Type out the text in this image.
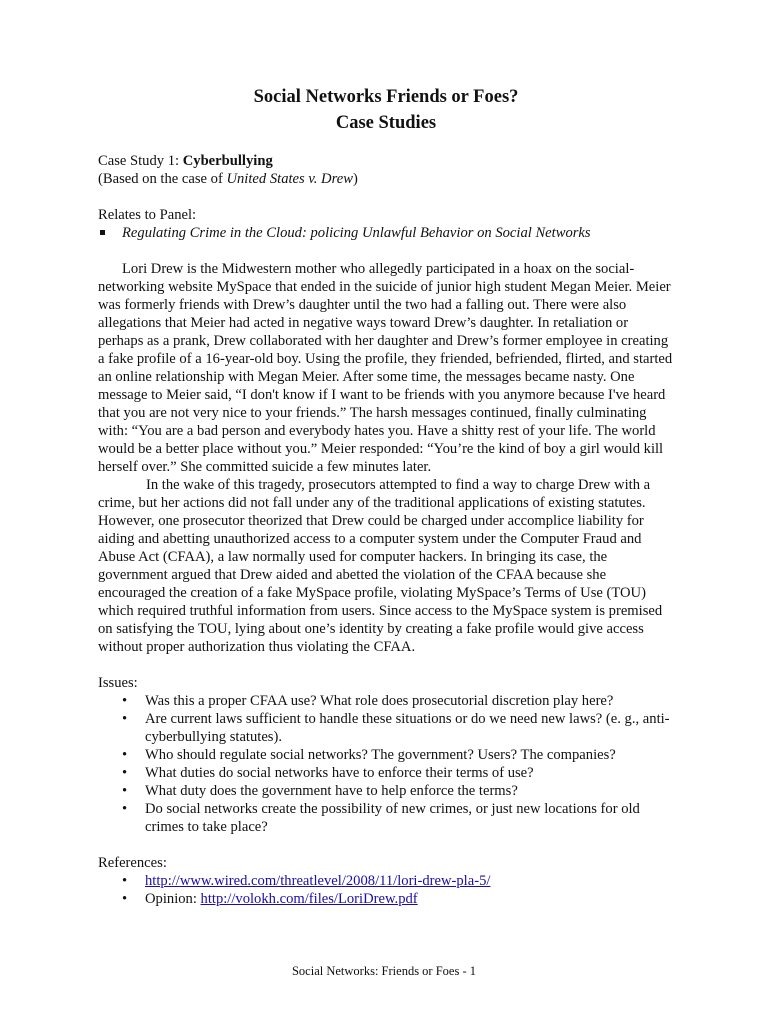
Social Networks Friends or Foes?
Case Studies

Case Study 1: Cyberbullying

(Based on the case of United States v. Drew)

Relates to Panel:

Regulating Crime in the Cloud: policing Unlawful Behavior on Social Networks

Lori Drew is the Midwestern mother who allegedly participated in a hoax on the social-networking website MySpace that ended in the suicide of junior high student Megan Meier. Meier was formerly friends with Drew’s daughter until the two had a falling out. There were also allegations that Meier had acted in negative ways toward Drew’s daughter. In retaliation or perhaps as a prank, Drew collaborated with her daughter and Drew’s former employee in creating a fake profile of a 16-year-old boy. Using the profile, they friended, befriended, flirted, and started an online relationship with Megan Meier. After some time, the messages became nasty. One message to Meier said, “I don't know if I want to be friends with you anymore because I've heard that you are not very nice to your friends.” The harsh messages continued, finally culminating with: “You are a bad person and everybody hates you. Have a shitty rest of your life. The world would be a better place without you.” Meier responded: “You’re the kind of boy a girl would kill herself over.” She committed suicide a few minutes later.

In the wake of this tragedy, prosecutors attempted to find a way to charge Drew with a crime, but her actions did not fall under any of the traditional applications of existing statutes. However, one prosecutor theorized that Drew could be charged under accomplice liability for aiding and abetting unauthorized access to a computer system under the Computer Fraud and Abuse Act (CFAA), a law normally used for computer hackers. In bringing its case, the government argued that Drew aided and abetted the violation of the CFAA because she encouraged the creation of a fake MySpace profile, violating MySpace’s Terms of Use (TOU) which required truthful information from users. Since access to the MySpace system is premised on satisfying the TOU, lying about one’s identity by creating a fake profile would give access without proper authorization thus violating the CFAA.

Issues:

• Was this a proper CFAA use? What role does prosecutorial discretion play here?
• Are current laws sufficient to handle these situations or do we need new laws? (e. g., anti-cyberbullying statutes).
• Who should regulate social networks? The government? Users? The companies?
• What duties do social networks have to enforce their terms of use?
• What duty does the government have to help enforce the terms?
• Do social networks create the possibility of new crimes, or just new locations for old crimes to take place?

References:

• http://www.wired.com/threatlevel/2008/11/lori-drew-pla-5/
• Opinion: http://volokh.com/files/LoriDrew.pdf
Social Networks: Friends or Foes - 1
